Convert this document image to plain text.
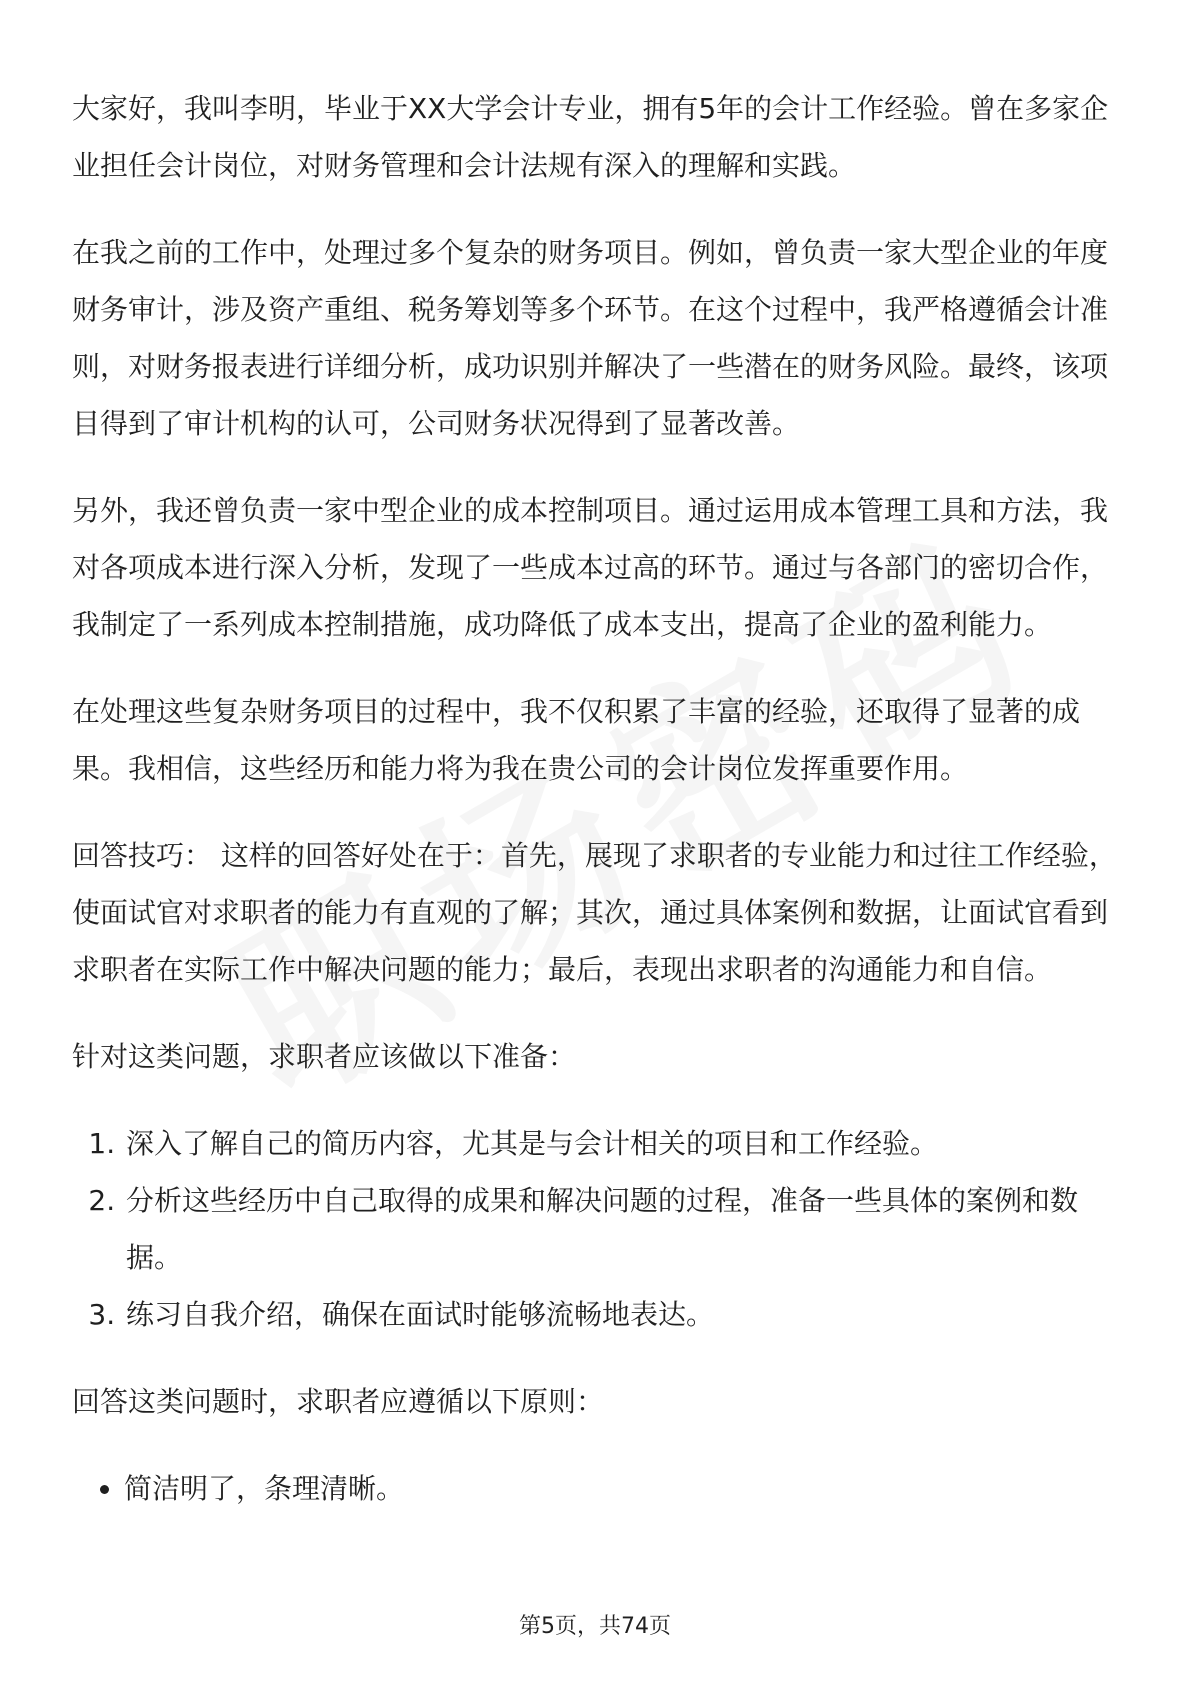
大家好，我叫李明，毕业于XX大学会计专业，拥有5年的会计工作经验。曾在多家企业担任会计岗位，对财务管理和会计法规有深入的理解和实践。

在我之前的工作中，处理过多个复杂的财务项目。例如，曾负责一家大型企业的年度财务审计，涉及资产重组、税务筹划等多个环节。在这个过程中，我严格遵循会计准则，对财务报表进行详细分析，成功识别并解决了一些潜在的财务风险。最终，该项目得到了审计机构的认可，公司财务状况得到了显著改善。

另外，我还曾负责一家中型企业的成本控制项目。通过运用成本管理工具和方法，我对各项成本进行深入分析，发现了一些成本过高的环节。通过与各部门的密切合作，我制定了一系列成本控制措施，成功降低了成本支出，提高了企业的盈利能力。

在处理这些复杂财务项目的过程中，我不仅积累了丰富的经验，还取得了显著的成果。我相信，这些经历和能力将为我在贵公司的会计岗位发挥重要作用。

回答技巧： 这样的回答好处在于：首先，展现了求职者的专业能力和过往工作经验，使面试官对求职者的能力有直观的了解；其次，通过具体案例和数据，让面试官看到求职者在实际工作中解决问题的能力；最后，表现出求职者的沟通能力和自信。

针对这类问题，求职者应该做以下准备：

1. 深入了解自己的简历内容，尤其是与会计相关的项目和工作经验。
2. 分析这些经历中自己取得的成果和解决问题的过程，准备一些具体的案例和数据。
3. 练习自我介绍，确保在面试时能够流畅地表达。

回答这类问题时，求职者应遵循以下原则：

• 简洁明了，条理清晰。
第5页，共74页
